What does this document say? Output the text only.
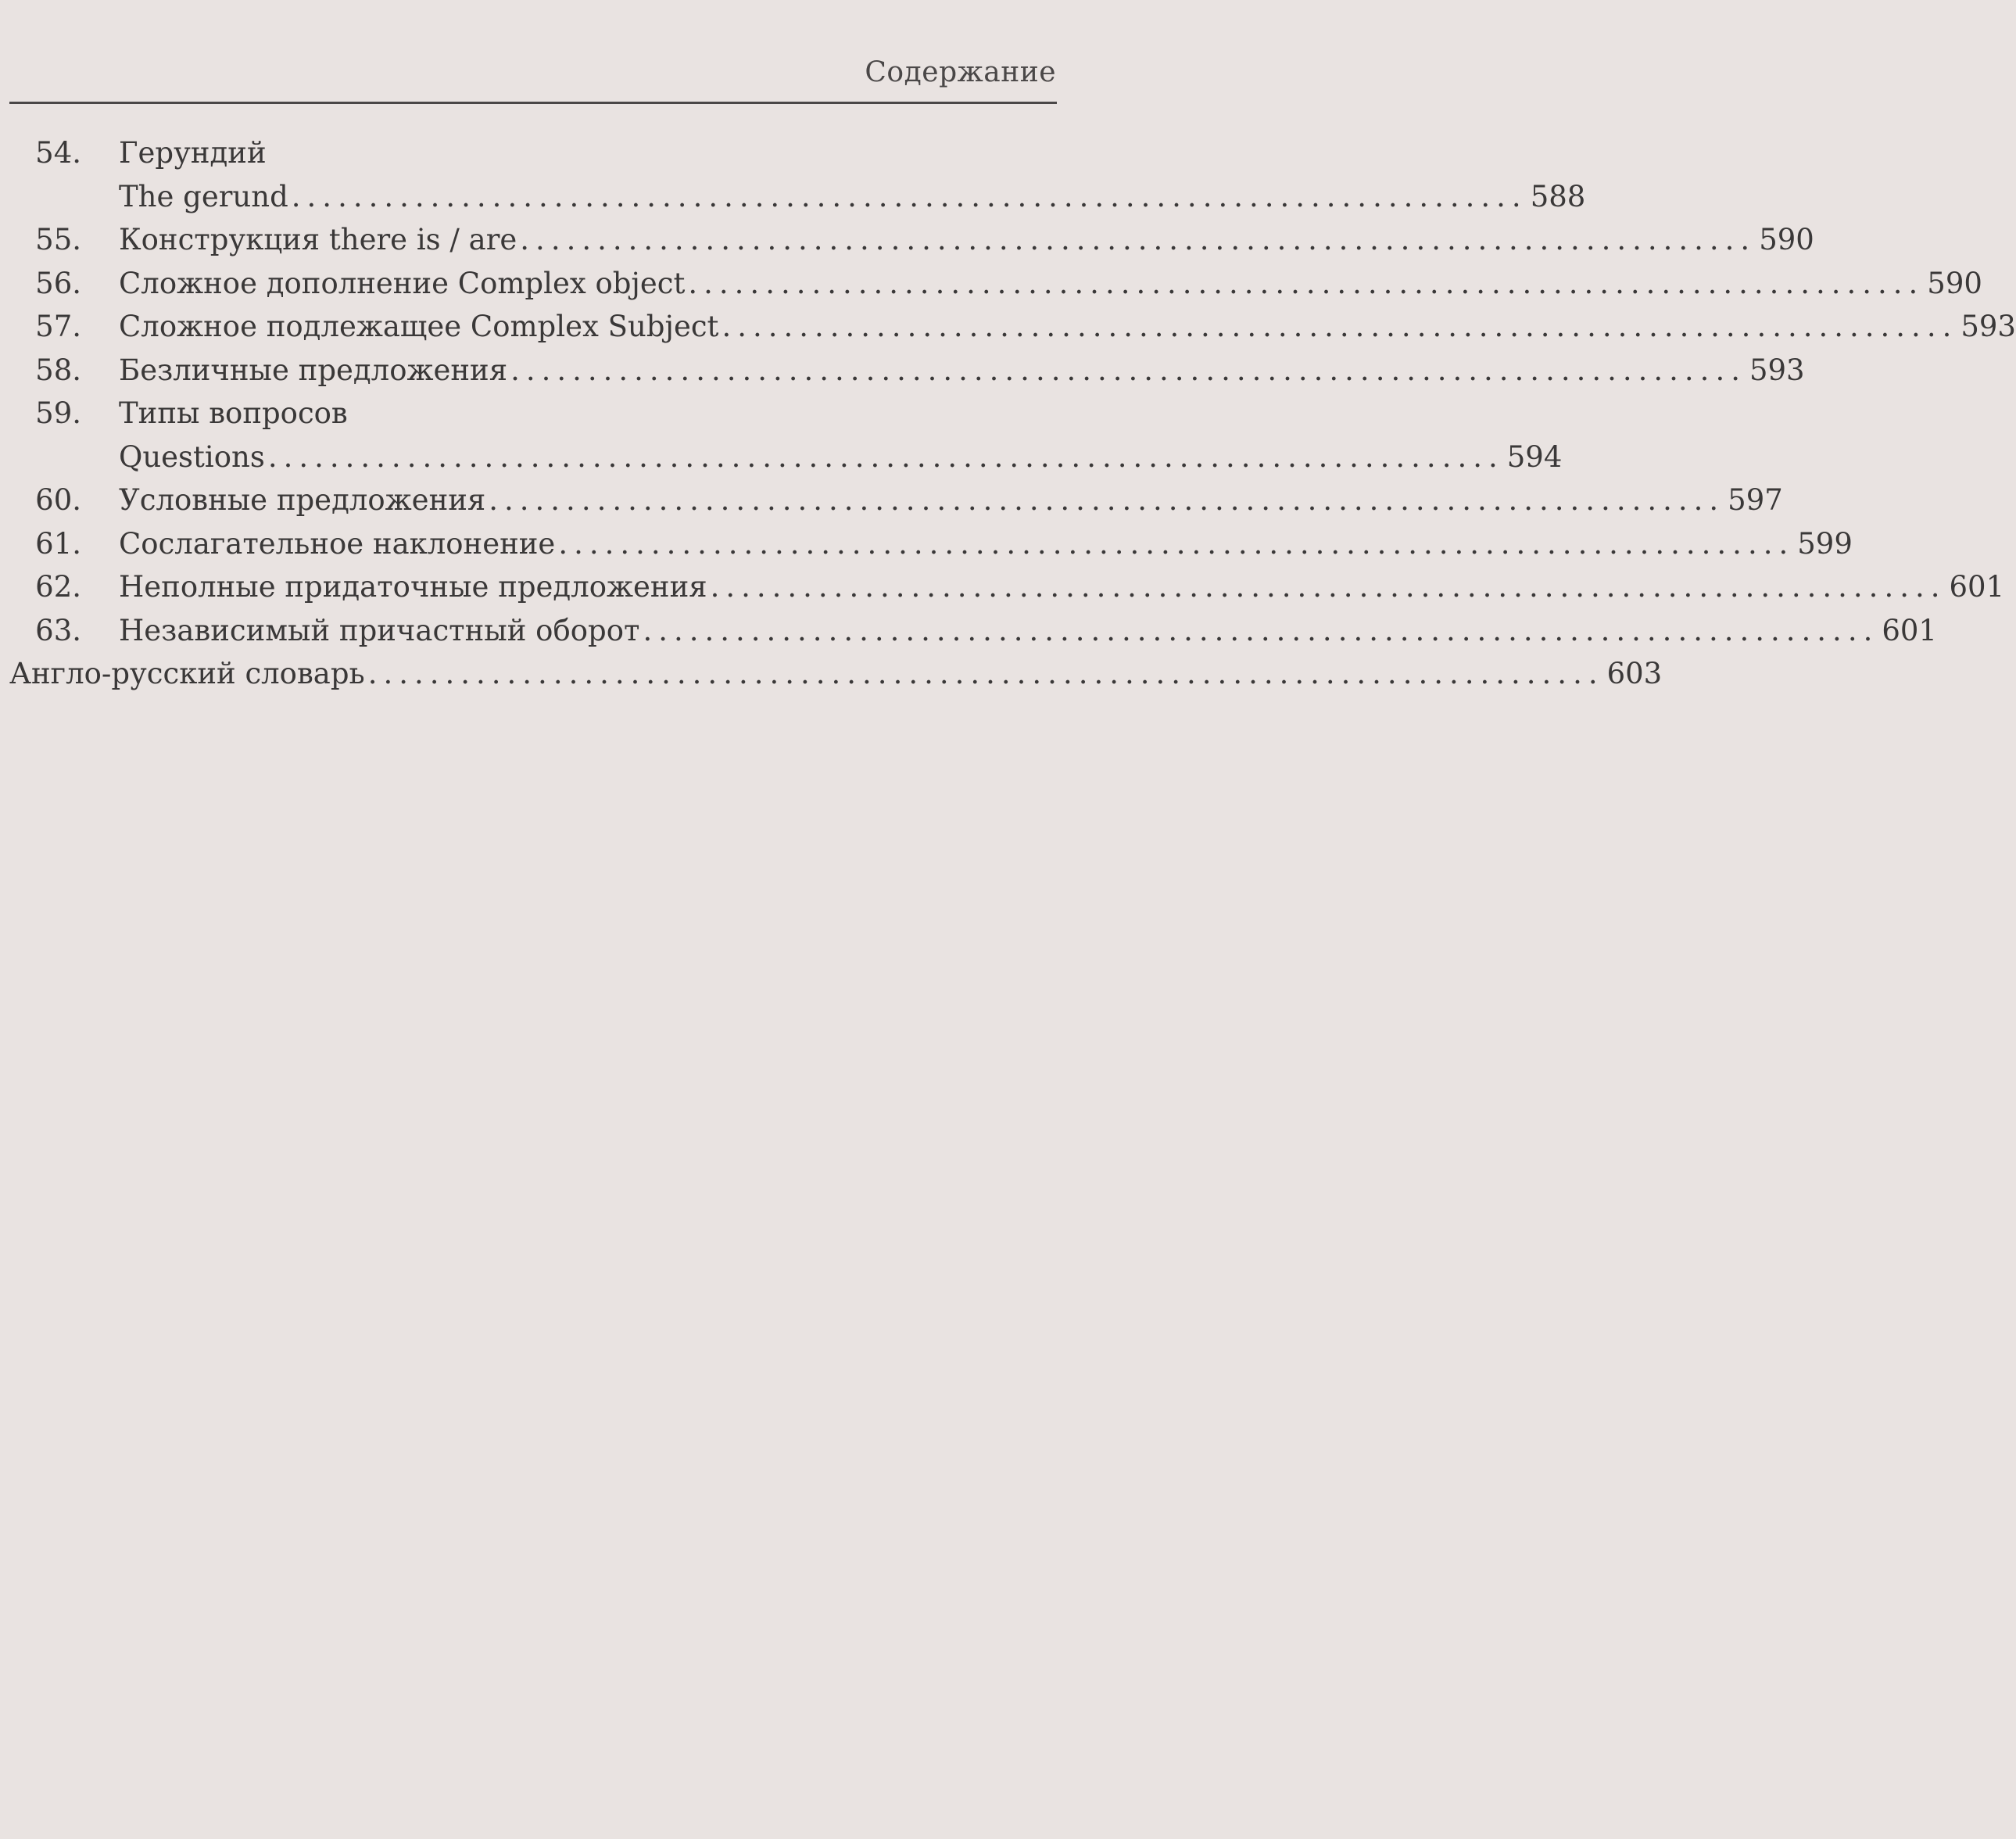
Содержание
54. Герундий
The gerund ................................................................................ 588
55. Конструкция there is / are ................................................................................ 590
56. Сложное дополнение Complex object ................................................................................ 590
57. Сложное подлежащее Complex Subject ................................................................................ 593
58. Безличные предложения ................................................................................ 593
59. Типы вопросов
Questions ................................................................................ 594
60. Условные предложения ................................................................................ 597
61. Сослагательное наклонение ................................................................................ 599
62. Неполные придаточные предложения ................................................................................ 601
63. Независимый причастный оборот ................................................................................ 601
Англо-русский словарь ................................................................................ 603
